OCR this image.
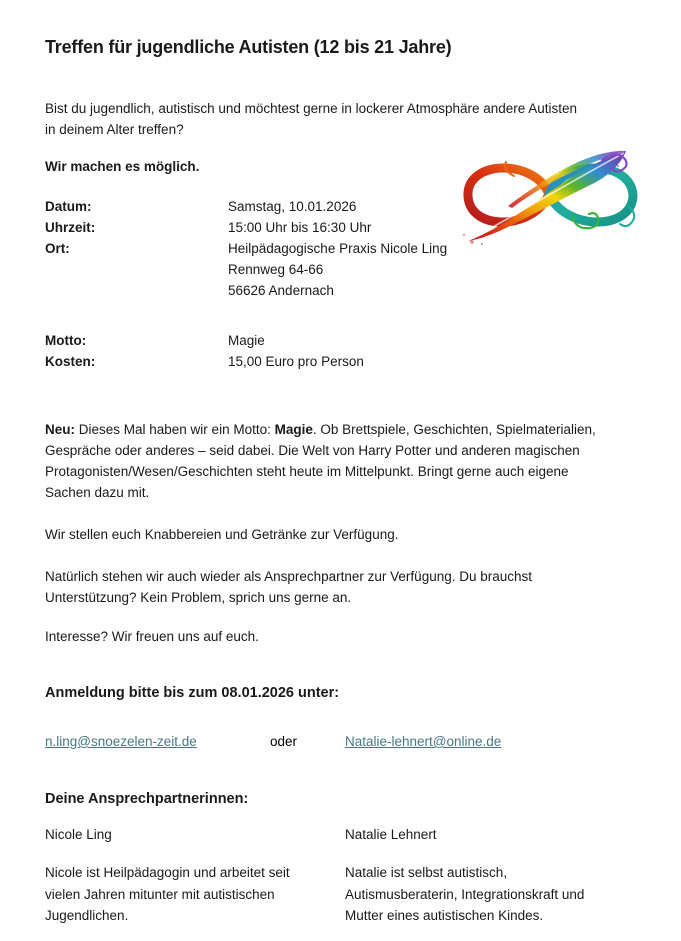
Treffen für jugendliche Autisten (12 bis 21 Jahre)

Bist du jugendlich, autistisch und möchtest gerne in lockerer Atmosphäre andere Autisten in deinem Alter treffen?

Wir machen es möglich.

Datum:	Samstag, 10.01.2026
Uhrzeit:	15:00 Uhr bis 16:30 Uhr
Ort:	Heilpädagogische Praxis Nicole Ling
Rennweg 64-66
56626 Andernach
Motto:	Magie
Kosten:	15,00 Euro pro Person

Neu: Dieses Mal haben wir ein Motto: Magie. Ob Brettspiele, Geschichten, Spielmaterialien, Gespräche oder anderes – seid dabei. Die Welt von Harry Potter und anderen magischen Protagonisten/Wesen/Geschichten steht heute im Mittelpunkt. Bringt gerne auch eigene Sachen dazu mit.

Wir stellen euch Knabbereien und Getränke zur Verfügung.

Natürlich stehen wir auch wieder als Ansprechpartner zur Verfügung. Du brauchst Unterstützung? Kein Problem, sprich uns gerne an.

Interesse? Wir freuen uns auf euch.

Anmeldung bitte bis zum 08.01.2026 unter:
n.ling@snoezelen-zeit.de	oder	Natalie-lehnert@online.de
Deine Ansprechpartnerinnen:
Nicole Ling

Nicole ist Heilpädagogin und arbeitet seit vielen Jahren mitunter mit autistischen Jugendlichen.

Natalie Lehnert

Natalie ist selbst autistisch, Autismusberaterin, Integrationskraft und Mutter eines autistischen Kindes.
